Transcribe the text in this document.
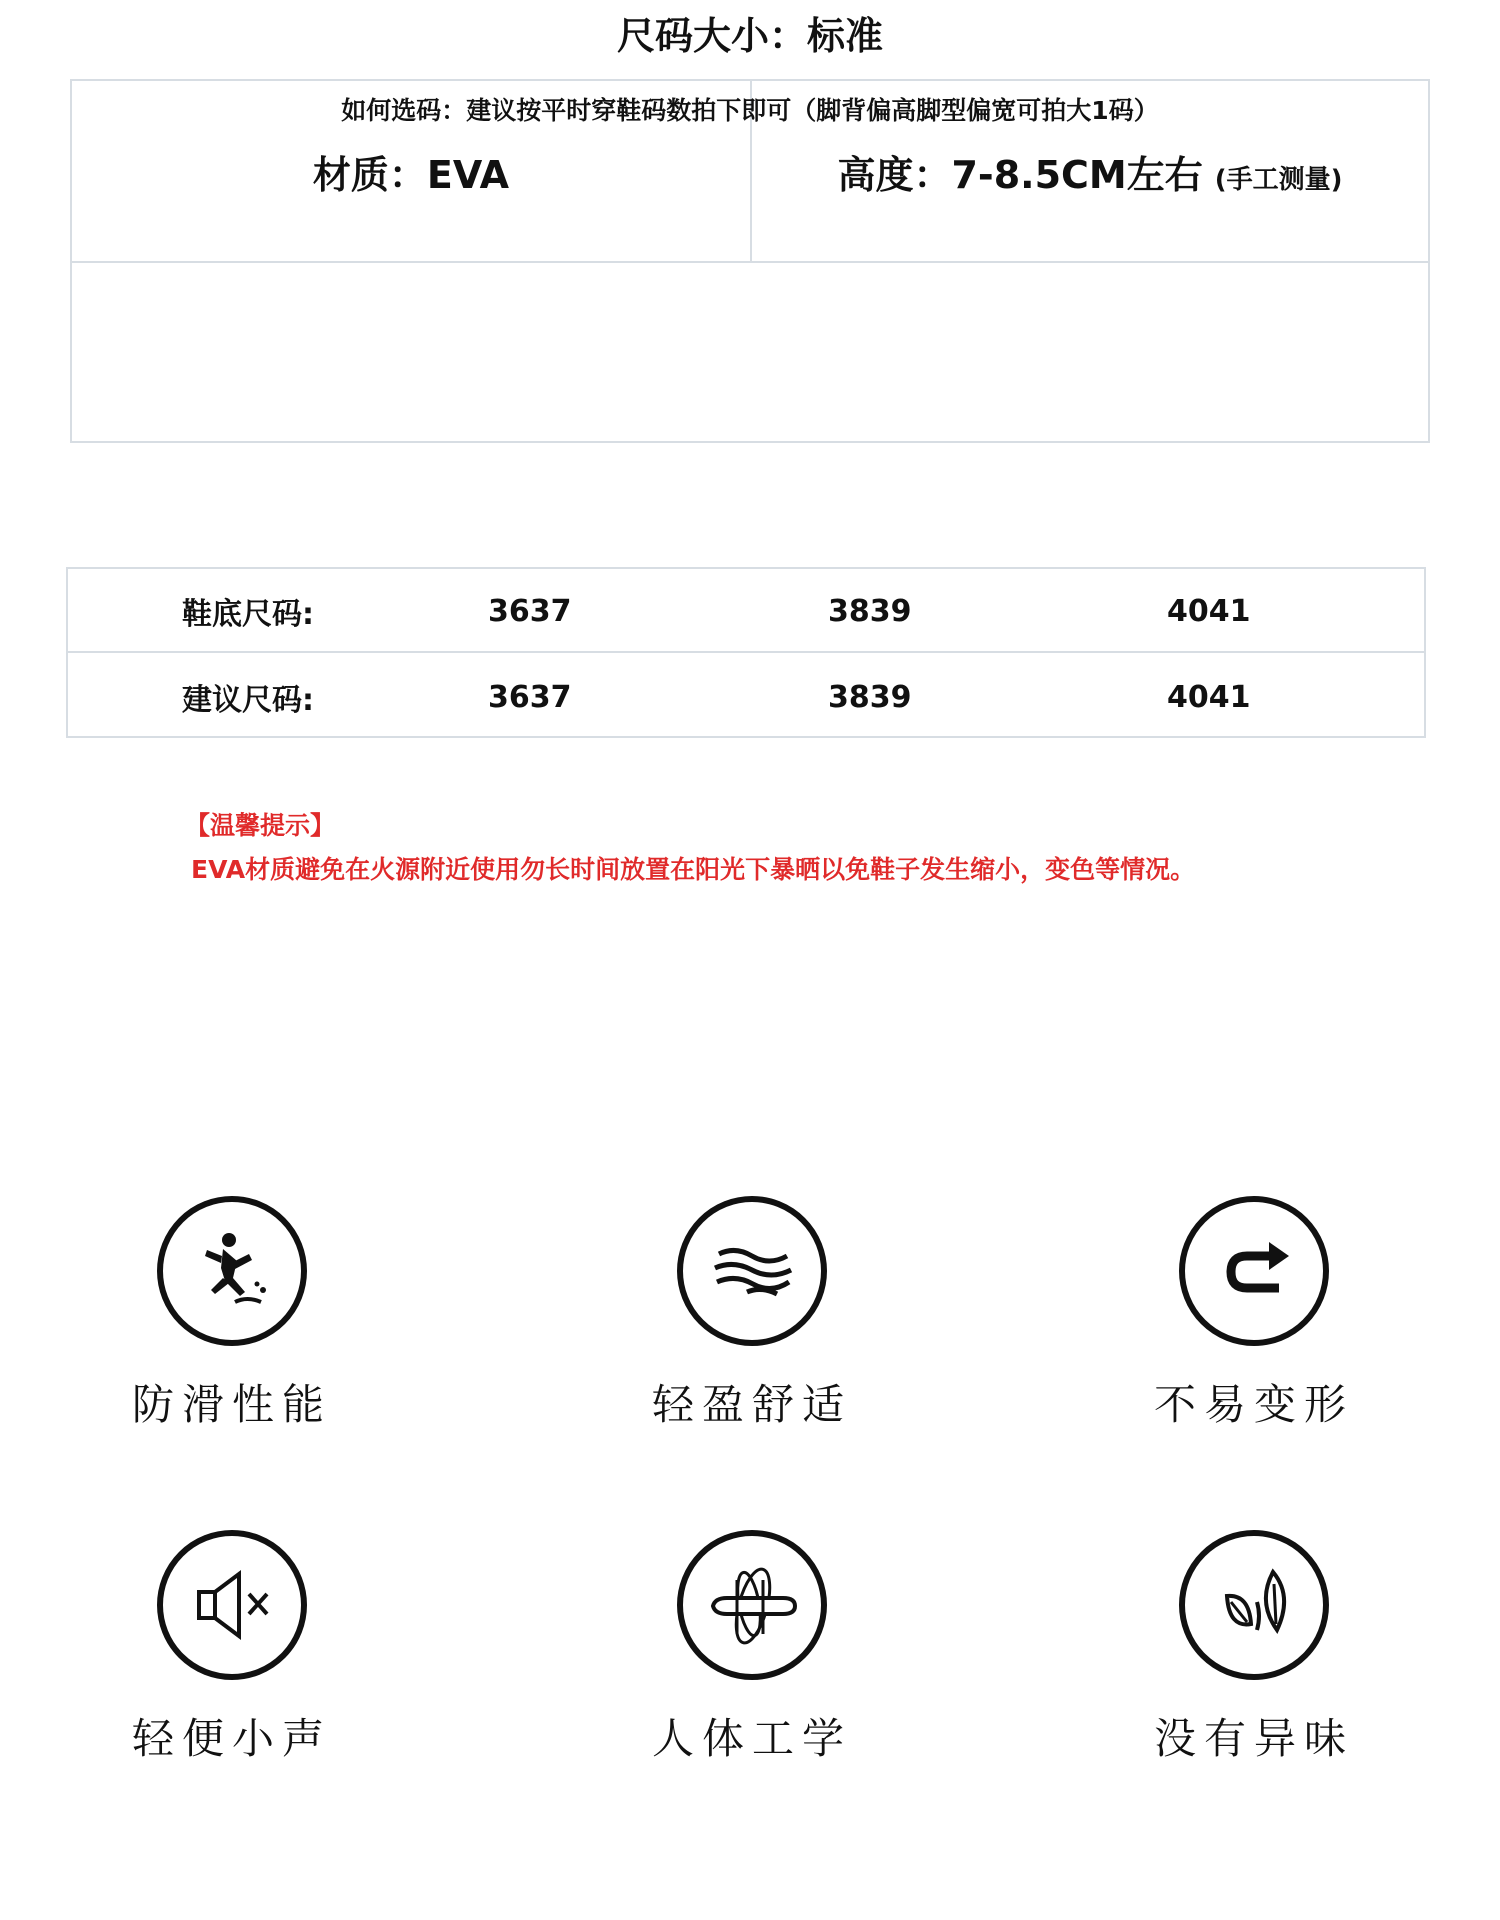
材质：EVA	高度：7-8.5CM左右 (手工测量)
尺码大小：标准
如何选码：建议按平时穿鞋码数拍下即可（脚背偏高脚型偏宽可拍大1码）
鞋底尺码:	3637	3839	4041
建议尺码:	3637	3839	4041
【温馨提示】
EVA材质避免在火源附近使用勿长时间放置在阳光下暴晒以免鞋子发生缩小，变色等情况。
防滑性能	轻盈舒适	不易变形
轻便小声	人体工学	没有异味
